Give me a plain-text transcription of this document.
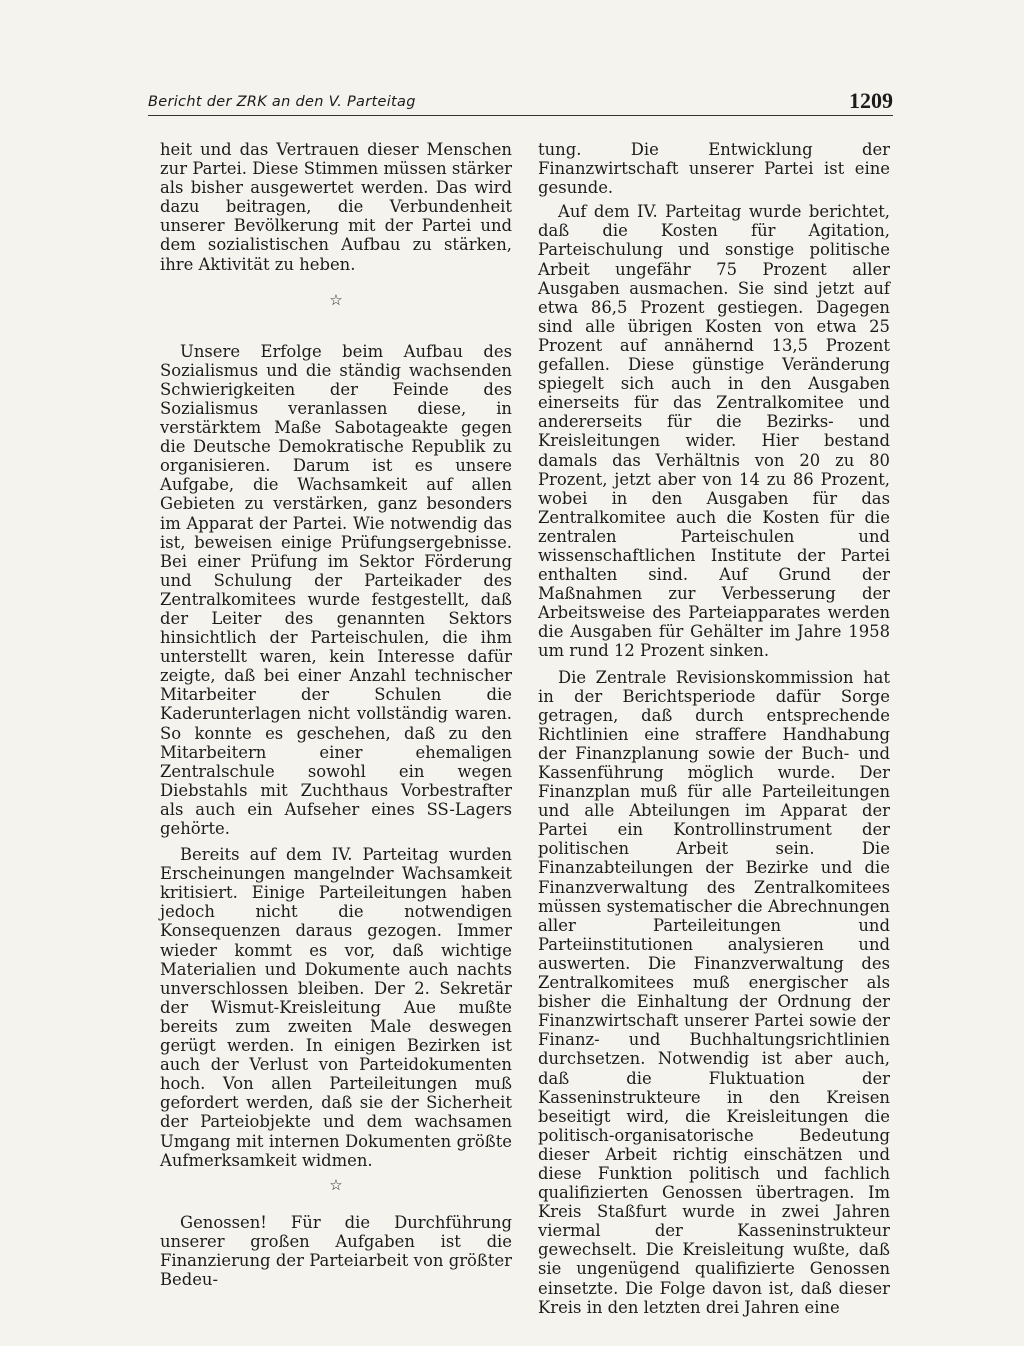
Bericht der ZRK an den V. Parteitag	1209

heit und das Vertrauen dieser Menschen zur Partei. Diese Stimmen müssen stärker als bisher ausgewertet werden. Das wird dazu beitragen, die Verbundenheit unserer Bevölkerung mit der Partei und dem sozialistischen Aufbau zu stärken, ihre Aktivität zu heben.

☆

Unsere Erfolge beim Aufbau des Sozialismus und die ständig wachsenden Schwierigkeiten der Feinde des Sozialismus veranlassen diese, in verstärktem Maße Sabotageakte gegen die Deutsche Demokratische Republik zu organisieren. Darum ist es unsere Aufgabe, die Wachsamkeit auf allen Gebieten zu verstärken, ganz besonders im Apparat der Partei. Wie notwendig das ist, beweisen einige Prüfungsergebnisse. Bei einer Prüfung im Sektor Förderung und Schulung der Parteikader des Zentralkomitees wurde festgestellt, daß der Leiter des genannten Sektors hinsichtlich der Parteischulen, die ihm unterstellt waren, kein Interesse dafür zeigte, daß bei einer Anzahl technischer Mitarbeiter der Schulen die Kaderunterlagen nicht vollständig waren. So konnte es geschehen, daß zu den Mitarbeitern einer ehemaligen Zentralschule sowohl ein wegen Diebstahls mit Zuchthaus Vorbestrafter als auch ein Aufseher eines SS-Lagers gehörte.

Bereits auf dem IV. Parteitag wurden Erscheinungen mangelnder Wachsamkeit kritisiert. Einige Parteileitungen haben jedoch nicht die notwendigen Konsequenzen daraus gezogen. Immer wieder kommt es vor, daß wichtige Materialien und Dokumente auch nachts unverschlossen bleiben. Der 2. Sekretär der Wismut-Kreisleitung Aue mußte bereits zum zweiten Male deswegen gerügt werden. In einigen Bezirken ist auch der Verlust von Parteidokumenten hoch. Von allen Parteileitungen muß gefordert werden, daß sie der Sicherheit der Parteiobjekte und dem wachsamen Umgang mit internen Dokumenten größte Aufmerksamkeit widmen.

☆

Genossen! Für die Durchführung unserer großen Aufgaben ist die Finanzierung der Parteiarbeit von größter Bedeu-

tung. Die Entwicklung der Finanzwirtschaft unserer Partei ist eine gesunde.

Auf dem IV. Parteitag wurde berichtet, daß die Kosten für Agitation, Parteischulung und sonstige politische Arbeit ungefähr 75 Prozent aller Ausgaben ausmachen. Sie sind jetzt auf etwa 86,5 Prozent gestiegen. Dagegen sind alle übrigen Kosten von etwa 25 Prozent auf annähernd 13,5 Prozent gefallen. Diese günstige Veränderung spiegelt sich auch in den Ausgaben einerseits für das Zentralkomitee und andererseits für die Bezirks- und Kreisleitungen wider. Hier bestand damals das Verhältnis von 20 zu 80 Prozent, jetzt aber von 14 zu 86 Prozent, wobei in den Ausgaben für das Zentralkomitee auch die Kosten für die zentralen Parteischulen und wissenschaftlichen Institute der Partei enthalten sind. Auf Grund der Maßnahmen zur Verbesserung der Arbeitsweise des Parteiapparates werden die Ausgaben für Gehälter im Jahre 1958 um rund 12 Prozent sinken.

Die Zentrale Revisionskommission hat in der Berichtsperiode dafür Sorge getragen, daß durch entsprechende Richtlinien eine straffere Handhabung der Finanzplanung sowie der Buch- und Kassenführung möglich wurde. Der Finanzplan muß für alle Parteileitungen und alle Abteilungen im Apparat der Partei ein Kontrollinstrument der politischen Arbeit sein. Die Finanzabteilungen der Bezirke und die Finanzverwaltung des Zentralkomitees müssen systematischer die Abrechnungen aller Parteileitungen und Parteiinstitutionen analysieren und auswerten. Die Finanzverwaltung des Zentralkomitees muß energischer als bisher die Einhaltung der Ordnung der Finanzwirtschaft unserer Partei sowie der Finanz- und Buchhaltungsrichtlinien durchsetzen. Notwendig ist aber auch, daß die Fluktuation der Kasseninstrukteure in den Kreisen beseitigt wird, die Kreisleitungen die politisch-organisatorische Bedeutung dieser Arbeit richtig einschätzen und diese Funktion politisch und fachlich qualifizierten Genossen übertragen. Im Kreis Staßfurt wurde in zwei Jahren viermal der Kasseninstrukteur gewechselt. Die Kreisleitung wußte, daß sie ungenügend qualifizierte Genossen einsetzte. Die Folge davon ist, daß dieser Kreis in den letzten drei Jahren eine
